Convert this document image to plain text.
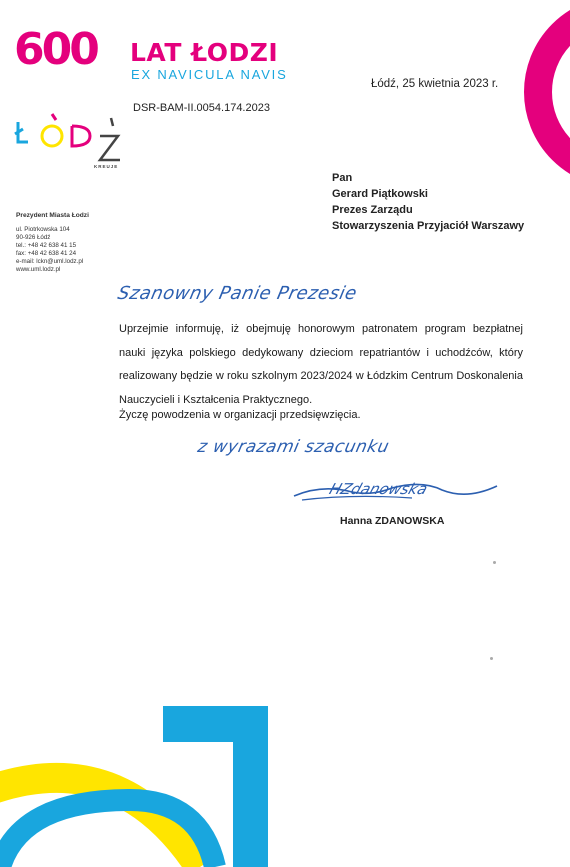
600 LAT ŁODZI
EX NAVICULA NAVIS
Łódź, 25 kwietnia 2023 r.
DSR-BAM-II.0054.174.2023
KREUJE
Pan
Gerard Piątkowski
Prezes Zarządu
Stowarzyszenia Przyjaciół Warszawy
Prezydent Miasta Łodzi
ul. Piotrkowska 104
90-926 Łódź
tel.: +48 42 638 41 15
fax: +48 42 638 41 24
e-mail: lckn@uml.lodz.pl
www.uml.lodz.pl
Szanowny Panie Prezesie

Uprzejmie informuję, iż obejmuję honorowym patronatem program bezpłatnej nauki języka polskiego dedykowany dzieciom repatriantów i uchodźców, który realizowany będzie w roku szkolnym 2023/2024 w Łódzkim Centrum Doskonalenia Nauczycieli i Kształcenia Praktycznego.

Życzę powodzenia w organizacji przedsięwzięcia.
z wyrazami szacunku
HZdanowska
Hanna ZDANOWSKA
